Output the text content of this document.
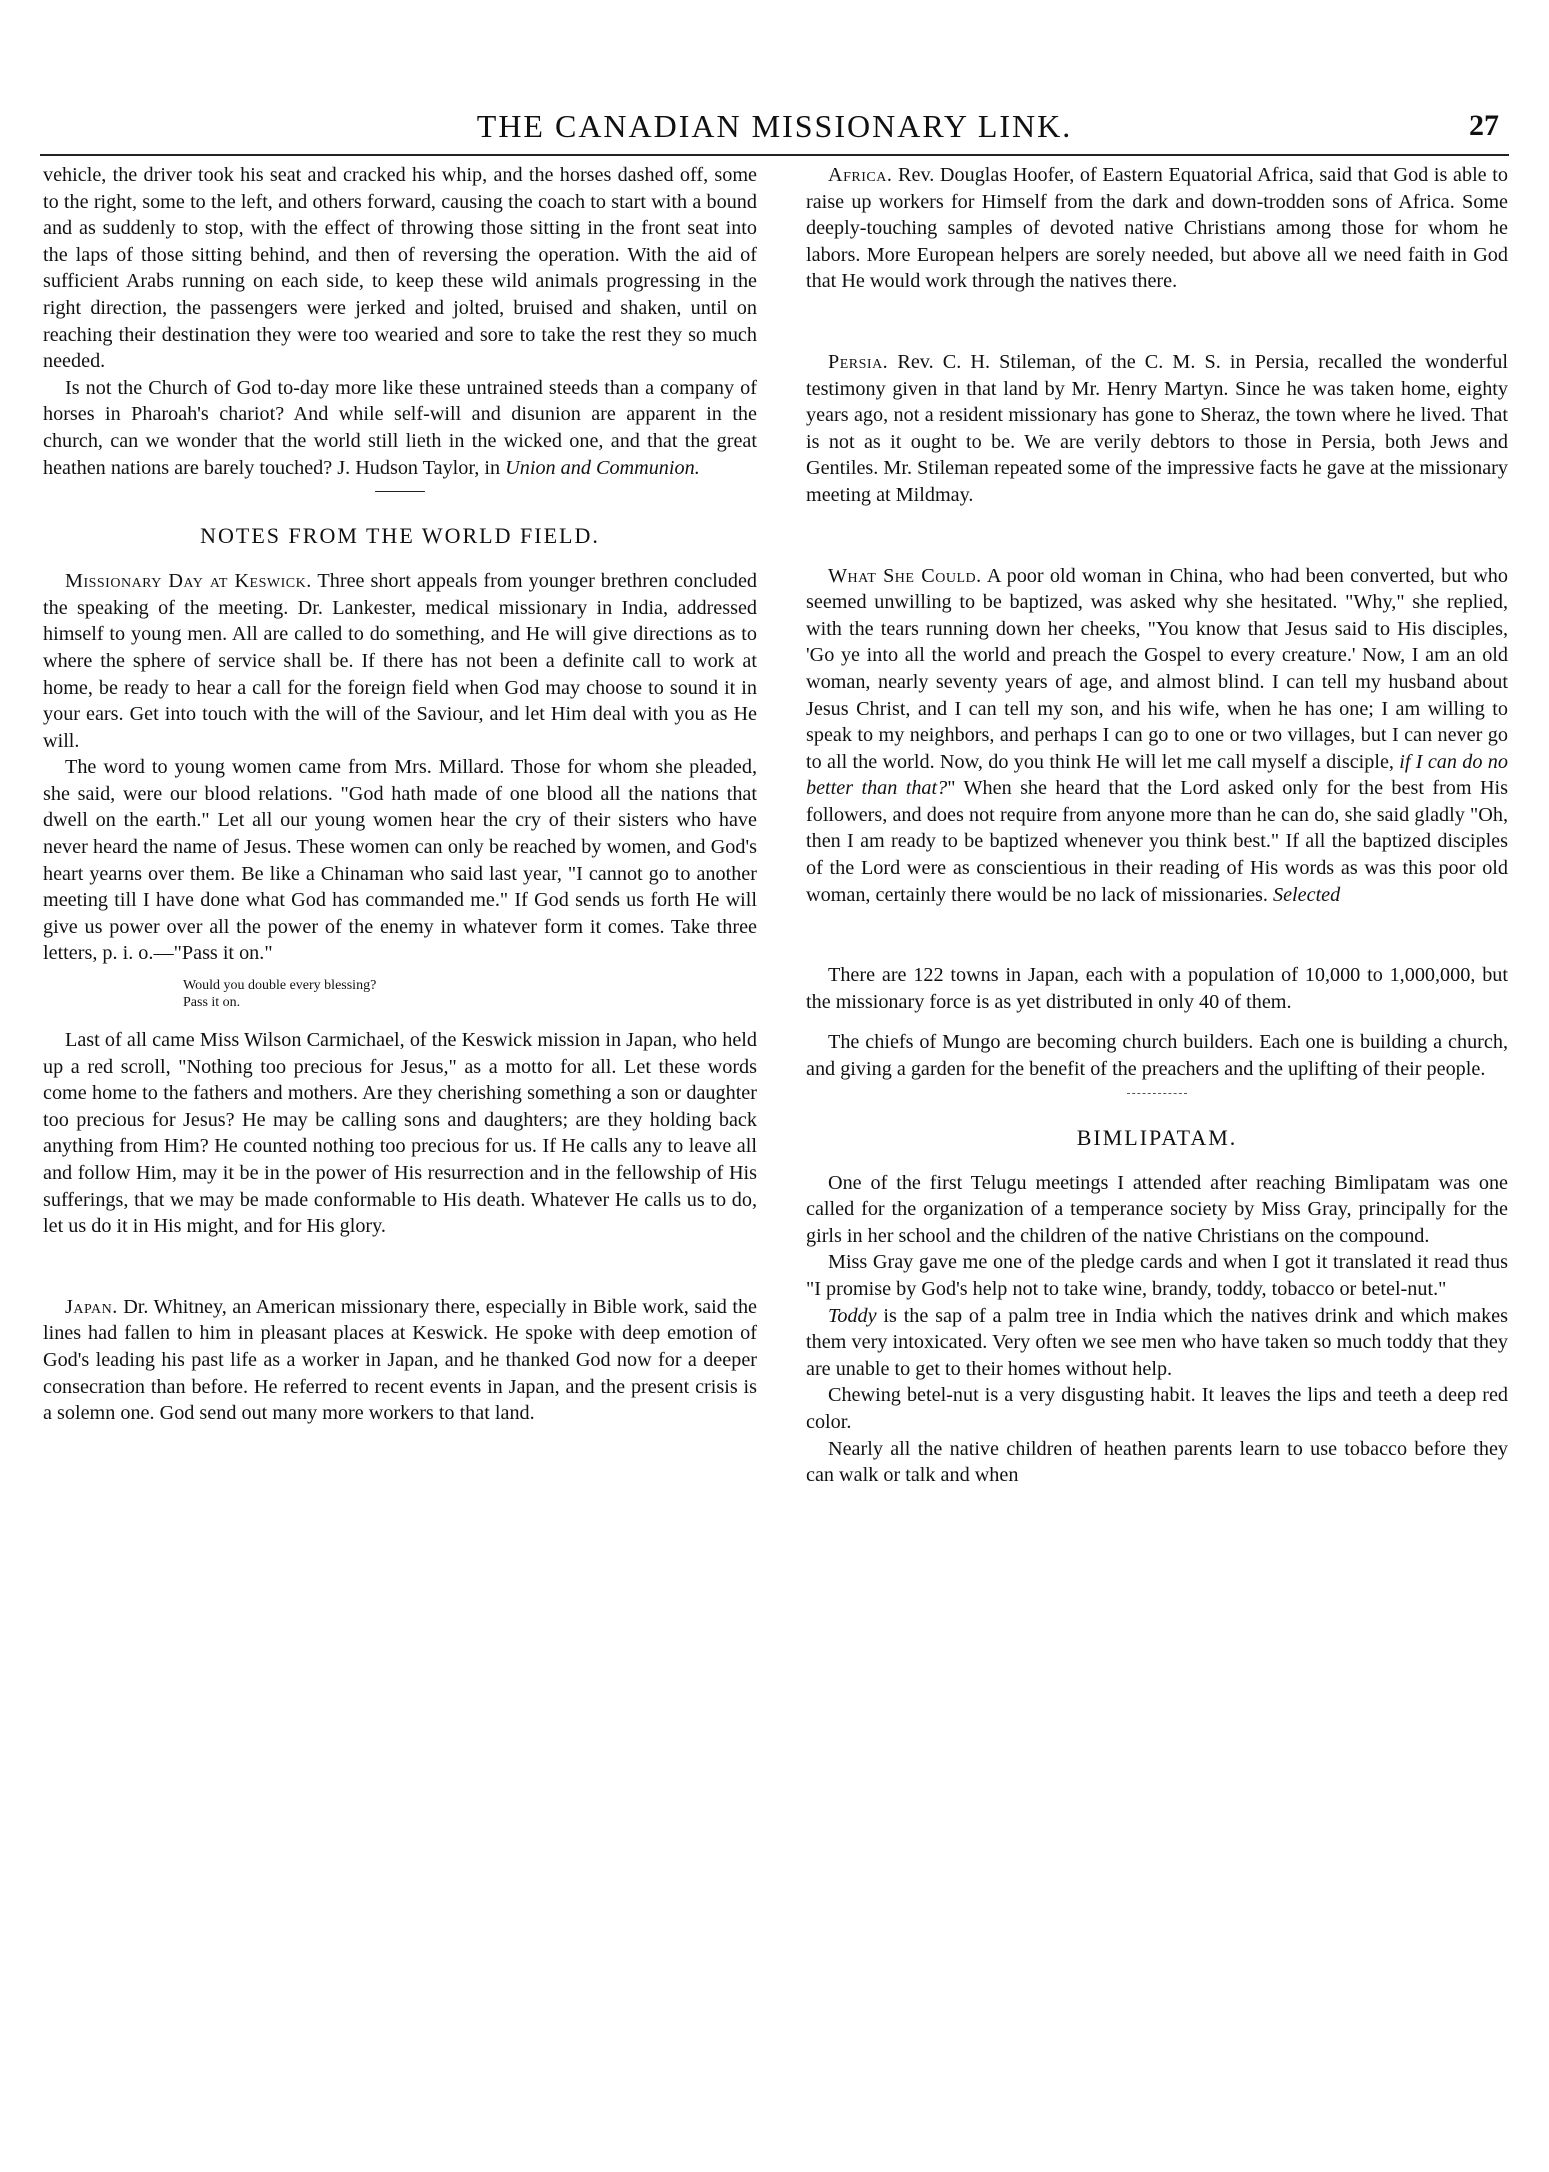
THE CANADIAN MISSIONARY LINK.	27

vehicle, the driver took his seat and cracked his whip, and the horses dashed off, some to the right, some to the left, and others forward, causing the coach to start with a bound and as suddenly to stop, with the effect of throwing those sitting in the front seat into the laps of those sitting behind, and then of reversing the operation. With the aid of sufficient Arabs running on each side, to keep these wild animals progressing in the right direction, the passengers were jerked and jolted, bruised and shaken, until on reaching their destination they were too wearied and sore to take the rest they so much needed.

Is not the Church of God to-day more like these untrained steeds than a company of horses in Pharoah's chariot? And while self-will and disunion are apparent in the church, can we wonder that the world still lieth in the wicked one, and that the great heathen nations are barely touched? J. Hudson Taylor, in Union and Communion.

NOTES FROM THE WORLD FIELD.

Missionary Day at Keswick. Three short appeals from younger brethren concluded the speaking of the meeting. Dr. Lankester, medical missionary in India, addressed himself to young men. All are called to do something, and He will give directions as to where the sphere of service shall be. If there has not been a definite call to work at home, be ready to hear a call for the foreign field when God may choose to sound it in your ears. Get into touch with the will of the Saviour, and let Him deal with you as He will.

The word to young women came from Mrs. Millard. Those for whom she pleaded, she said, were our blood relations. "God hath made of one blood all the nations that dwell on the earth." Let all our young women hear the cry of their sisters who have never heard the name of Jesus. These women can only be reached by women, and God's heart yearns over them. Be like a Chinaman who said last year, "I cannot go to another meeting till I have done what God has commanded me." If God sends us forth He will give us power over all the power of the enemy in whatever form it comes. Take three letters, p. i. o.—"Pass it on."

Would you double every blessing?
Pass it on.

Last of all came Miss Wilson Carmichael, of the Keswick mission in Japan, who held up a red scroll, "Nothing too precious for Jesus," as a motto for all. Let these words come home to the fathers and mothers. Are they cherishing something a son or daughter too precious for Jesus? He may be calling sons and daughters; are they holding back anything from Him? He counted nothing too precious for us. If He calls any to leave all and follow Him, may it be in the power of His resurrection and in the fellowship of His sufferings, that we may be made conformable to His death. Whatever He calls us to do, let us do it in His might, and for His glory.

Japan. Dr. Whitney, an American missionary there, especially in Bible work, said the lines had fallen to him in pleasant places at Keswick. He spoke with deep emotion of God's leading his past life as a worker in Japan, and he thanked God now for a deeper consecration than before. He referred to recent events in Japan, and the present crisis is a solemn one. God send out many more workers to that land.

Africa. Rev. Douglas Hoofer, of Eastern Equatorial Africa, said that God is able to raise up workers for Himself from the dark and down-trodden sons of Africa. Some deeply-touching samples of devoted native Christians among those for whom he labors. More European helpers are sorely needed, but above all we need faith in God that He would work through the natives there.

Persia. Rev. C. H. Stileman, of the C. M. S. in Persia, recalled the wonderful testimony given in that land by Mr. Henry Martyn. Since he was taken home, eighty years ago, not a resident missionary has gone to Sheraz, the town where he lived. That is not as it ought to be. We are verily debtors to those in Persia, both Jews and Gentiles. Mr. Stileman repeated some of the impressive facts he gave at the missionary meeting at Mildmay.

What She Could. A poor old woman in China, who had been converted, but who seemed unwilling to be baptized, was asked why she hesitated. "Why," she replied, with the tears running down her cheeks, "You know that Jesus said to His disciples, 'Go ye into all the world and preach the Gospel to every creature.' Now, I am an old woman, nearly seventy years of age, and almost blind. I can tell my husband about Jesus Christ, and I can tell my son, and his wife, when he has one; I am willing to speak to my neighbors, and perhaps I can go to one or two villages, but I can never go to all the world. Now, do you think He will let me call myself a disciple, if I can do no better than that?" When she heard that the Lord asked only for the best from His followers, and does not require from anyone more than he can do, she said gladly "Oh, then I am ready to be baptized whenever you think best." If all the baptized disciples of the Lord were as conscientious in their reading of His words as was this poor old woman, certainly there would be no lack of missionaries. Selected

There are 122 towns in Japan, each with a population of 10,000 to 1,000,000, but the missionary force is as yet distributed in only 40 of them.

The chiefs of Mungo are becoming church builders. Each one is building a church, and giving a garden for the benefit of the preachers and the uplifting of their people.

BIMLIPATAM.

One of the first Telugu meetings I attended after reaching Bimlipatam was one called for the organization of a temperance society by Miss Gray, principally for the girls in her school and the children of the native Christians on the compound.

Miss Gray gave me one of the pledge cards and when I got it translated it read thus "I promise by God's help not to take wine, brandy, toddy, tobacco or betel-nut."

Toddy is the sap of a palm tree in India which the natives drink and which makes them very intoxicated. Very often we see men who have taken so much toddy that they are unable to get to their homes without help.

Chewing betel-nut is a very disgusting habit. It leaves the lips and teeth a deep red color.

Nearly all the native children of heathen parents learn to use tobacco before they can walk or talk and when
